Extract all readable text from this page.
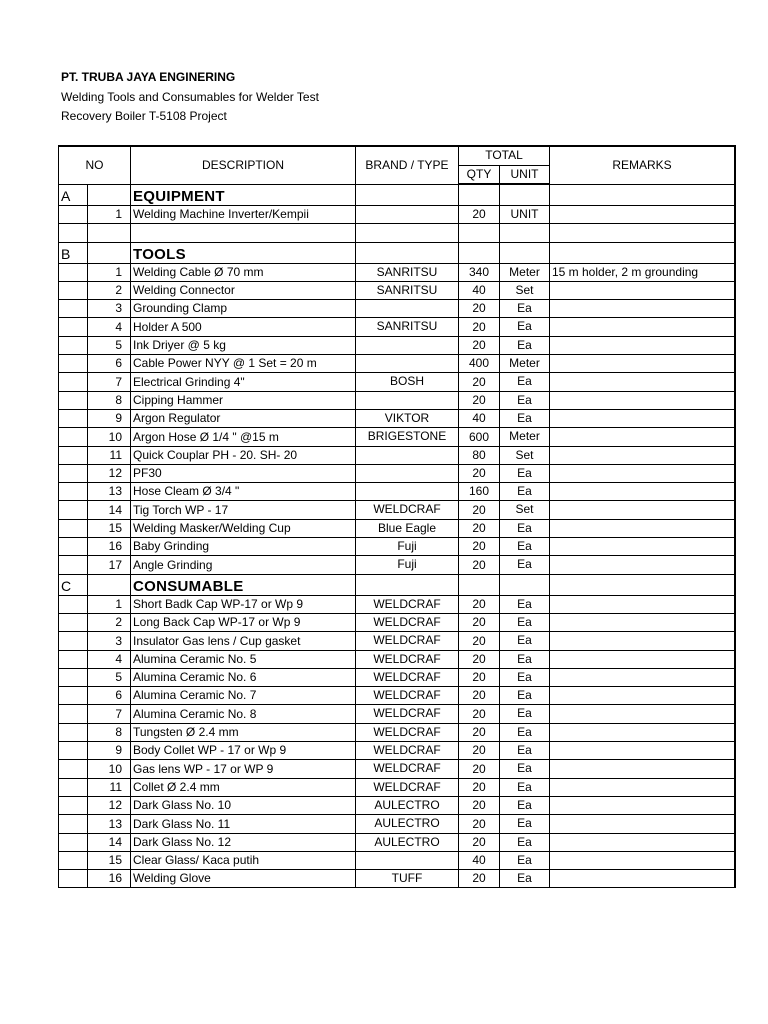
PT. TRUBA JAYA ENGINERING
Welding Tools and Consumables for Welder Test
Recovery Boiler T-5108 Project
NO		DESCRIPTION	BRAND / TYPE	TOTAL		REMARKS
				QTY	UNIT	
A		EQUIPMENT				
	1	Welding Machine Inverter/Kempii		20	UNIT	

B		TOOLS				
	1	Welding Cable Ø 70 mm	SANRITSU	340	Meter	15 m holder, 2 m grounding
	2	Welding Connector	SANRITSU	40	Set	
	3	Grounding Clamp		20	Ea	
	4	Holder A 500	SANRITSU	20	Ea	
	5	Ink Driyer @ 5 kg		20	Ea	
	6	Cable Power NYY @ 1 Set = 20 m		400	Meter	
	7	Electrical Grinding 4"	BOSH	20	Ea	
	8	Cipping Hammer		20	Ea	
	9	Argon Regulator	VIKTOR	40	Ea	
	10	Argon Hose Ø 1/4 " @15 m	BRIGESTONE	600	Meter	
	11	Quick Couplar PH - 20. SH- 20		80	Set	
	12	PF30		20	Ea	
	13	Hose Cleam Ø 3/4 "		160	Ea	
	14	Tig Torch WP - 17	WELDCRAF	20	Set	
	15	Welding Masker/Welding Cup	Blue Eagle	20	Ea	
	16	Baby Grinding	Fuji	20	Ea	
	17	Angle Grinding	Fuji	20	Ea	
C		CONSUMABLE				
	1	Short Badk Cap WP-17 or Wp 9	WELDCRAF	20	Ea	
	2	Long Back Cap WP-17 or Wp 9	WELDCRAF	20	Ea	
	3	Insulator Gas lens / Cup gasket	WELDCRAF	20	Ea	
	4	Alumina Ceramic No. 5	WELDCRAF	20	Ea	
	5	Alumina Ceramic No. 6	WELDCRAF	20	Ea	
	6	Alumina Ceramic No. 7	WELDCRAF	20	Ea	
	7	Alumina Ceramic No. 8	WELDCRAF	20	Ea	
	8	Tungsten Ø 2.4 mm	WELDCRAF	20	Ea	
	9	Body Collet WP - 17 or Wp 9	WELDCRAF	20	Ea	
	10	Gas lens WP - 17 or WP 9	WELDCRAF	20	Ea	
	11	Collet Ø 2.4 mm	WELDCRAF	20	Ea	
	12	Dark Glass No. 10	AULECTRO	20	Ea	
	13	Dark Glass No. 11	AULECTRO	20	Ea	
	14	Dark Glass No. 12	AULECTRO	20	Ea	
	15	Clear Glass/ Kaca putih		40	Ea	
	16	Welding Glove	TUFF	20	Ea	
